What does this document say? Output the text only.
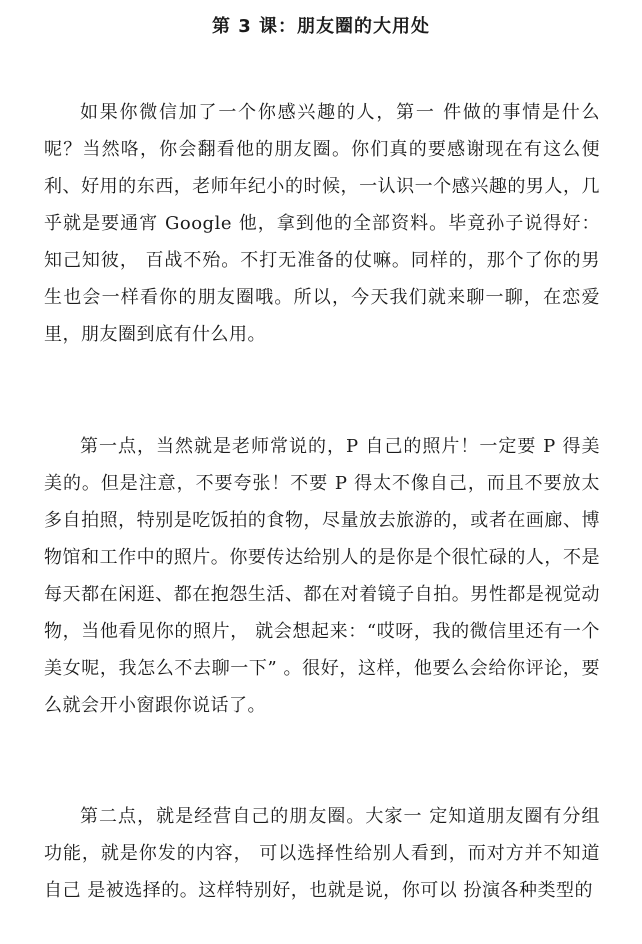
第 3 课：朋友圈的大用处

如果你微信加了一个你感兴趣的人，第一 件做的事情是什么呢？当然咯，你会翻看他的朋友圈。你们真的要感谢现在有这么便利、好用的东西，老师年纪小的时候，一认识一个感兴趣的男人，几乎就是要通宵 Google 他，拿到他的全部资料。毕竟孙子说得好：知己知彼， 百战不殆。不打无准备的仗嘛。同样的，那个了你的男生也会一样看你的朋友圈哦。所以，今天我们就来聊一聊，在恋爱里，朋友圈到底有什么用。

第一点，当然就是老师常说的，P 自己的照片！一定要 P 得美美的。但是注意，不要夸张！不要 P 得太不像自己，而且不要放太多自拍照，特别是吃饭拍的食物，尽量放去旅游的，或者在画廊、博物馆和工作中的照片。你要传达给别人的是你是个很忙碌的人，不是每天都在闲逛、都在抱怨生活、都在对着镜子自拍。男性都是视觉动物，当他看见你的照片， 就会想起来：“哎呀，我的微信里还有一个美女呢，我怎么不去聊一下” 。很好，这样，他要么会给你评论，要么就会开小窗跟你说话了。

第二点，就是经营自己的朋友圈。大家一 定知道朋友圈有分组功能，就是你发的内容， 可以选择性给别人看到，而对方并不知道自己 是被选择的。这样特别好，也就是说，你可以 扮演各种类型的
